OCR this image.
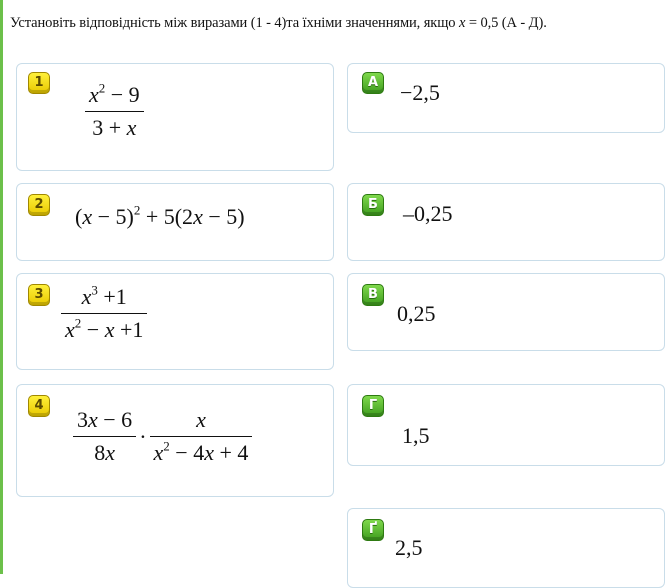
Установіть відповідність між виразами (1 - 4)та їхніми значеннями, якщо x = 0,5 (А - Д).
$1 \frac{x^2 - 9}{3 + x}$
2 $(x - 5)^2 + 5(2x - 5)$
$3 \frac{x^3 +1}{x^2 - x +1}$
4
$\frac{3x - 6}{8x} \cdot \frac{x}{x^2 - 4x + 4}$
А −2,5
Б –0,25
В
0,25
Г
1,5
Ґ
2,5
